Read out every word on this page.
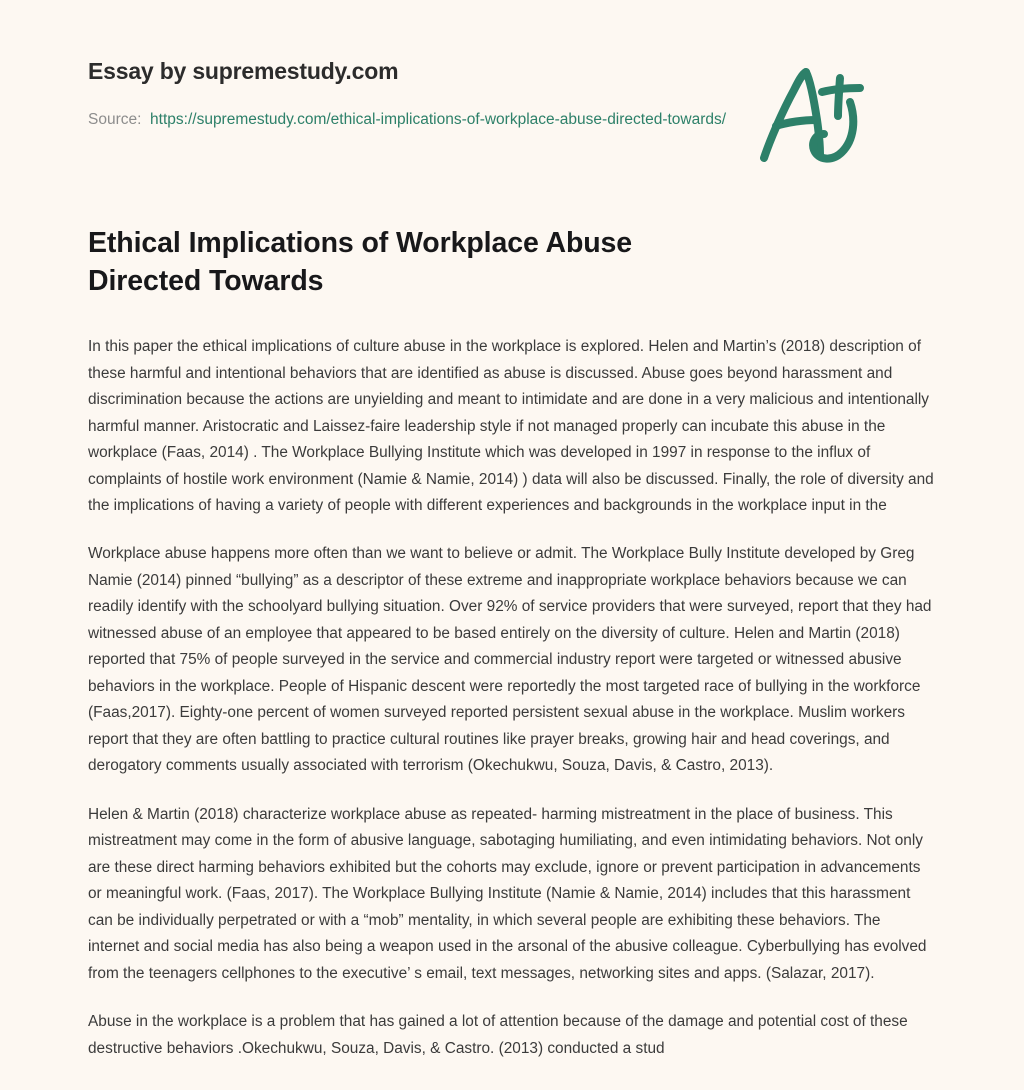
Essay by supremestudy.com
Source: https://supremestudy.com/ethical-implications-of-workplace-abuse-directed-towards/
Ethical Implications of Workplace Abuse Directed Towards

In this paper the ethical implications of culture abuse in the workplace is explored. Helen and Martin’s (2018) description of these harmful and intentional behaviors that are identified as abuse is discussed. Abuse goes beyond harassment and discrimination because the actions are unyielding and meant to intimidate and are done in a very malicious and intentionally harmful manner. Aristocratic and Laissez-faire leadership style if not managed properly can incubate this abuse in the workplace (Faas, 2014) . The Workplace Bullying Institute which was developed in 1997 in response to the influx of complaints of hostile work environment (Namie & Namie, 2014) ) data will also be discussed. Finally, the role of diversity and the implications of having a variety of people with different experiences and backgrounds in the workplace input in the

Workplace abuse happens more often than we want to believe or admit. The Workplace Bully Institute developed by Greg Namie (2014) pinned “bullying” as a descriptor of these extreme and inappropriate workplace behaviors because we can readily identify with the schoolyard bullying situation. Over 92% of service providers that were surveyed, report that they had witnessed abuse of an employee that appeared to be based entirely on the diversity of culture. Helen and Martin (2018) reported that 75% of people surveyed in the service and commercial industry report were targeted or witnessed abusive behaviors in the workplace. People of Hispanic descent were reportedly the most targeted race of bullying in the workforce (Faas,2017). Eighty-one percent of women surveyed reported persistent sexual abuse in the workplace. Muslim workers report that they are often battling to practice cultural routines like prayer breaks, growing hair and head coverings, and derogatory comments usually associated with terrorism (Okechukwu, Souza, Davis, & Castro, 2013).

Helen & Martin (2018) characterize workplace abuse as repeated- harming mistreatment in the place of business. This mistreatment may come in the form of abusive language, sabotaging humiliating, and even intimidating behaviors. Not only are these direct harming behaviors exhibited but the cohorts may exclude, ignore or prevent participation in advancements or meaningful work. (Faas, 2017). The Workplace Bullying Institute (Namie & Namie, 2014) includes that this harassment can be individually perpetrated or with a “mob” mentality, in which several people are exhibiting these behaviors. The internet and social media has also being a weapon used in the arsonal of the abusive colleague. Cyberbullying has evolved from the teenagers cellphones to the executive’ s email, text messages, networking sites and apps. (Salazar, 2017).

Abuse in the workplace is a problem that has gained a lot of attention because of the damage and potential cost of these destructive behaviors .Okechukwu, Souza, Davis, & Castro. (2013) conducted a stud
